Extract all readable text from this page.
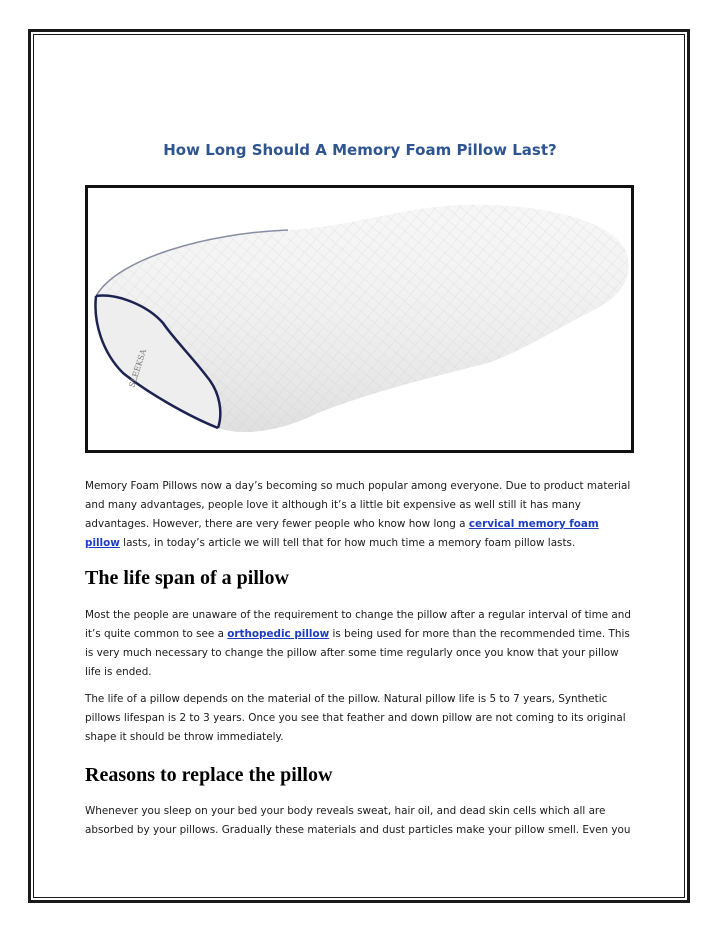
How Long Should A Memory Foam Pillow Last?
SLEEKSA

Memory Foam Pillows now a day’s becoming so much popular among everyone. Due to product material and many advantages, people love it although it’s a little bit expensive as well still it has many advantages. However, there are very fewer people who know how long a cervical memory foam pillow lasts, in today’s article we will tell that for how much time a memory foam pillow lasts.

The life span of a pillow

Most the people are unaware of the requirement to change the pillow after a regular interval of time and it’s quite common to see a orthopedic pillow is being used for more than the recommended time. This is very much necessary to change the pillow after some time regularly once you know that your pillow life is ended.

The life of a pillow depends on the material of the pillow. Natural pillow life is 5 to 7 years, Synthetic pillows lifespan is 2 to 3 years. Once you see that feather and down pillow are not coming to its original shape it should be throw immediately.

Reasons to replace the pillow

Whenever you sleep on your bed your body reveals sweat, hair oil, and dead skin cells which all are absorbed by your pillows. Gradually these materials and dust particles make your pillow smell. Even you
